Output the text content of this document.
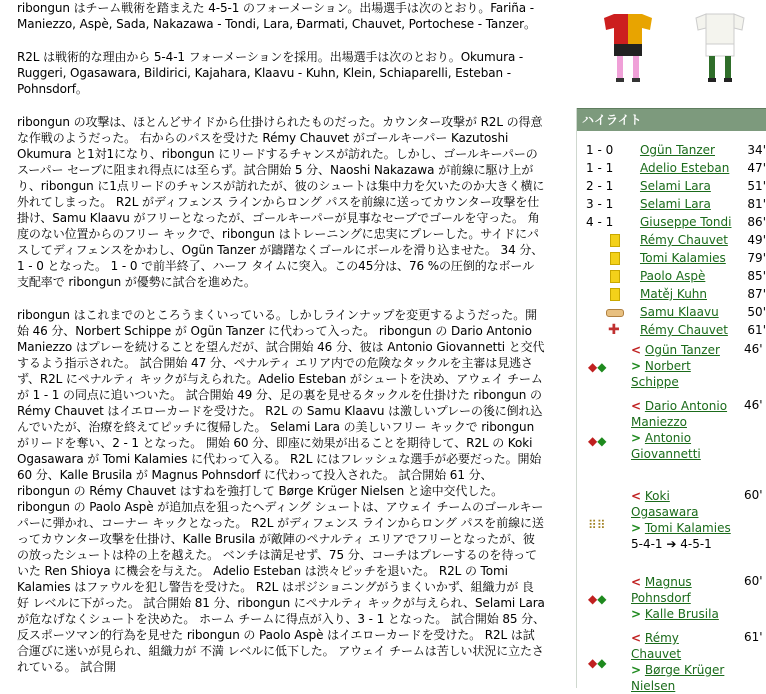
ribongun はチーム戦術を踏まえた 4-5-1 のフォーメーション。出場選手は次のとおり。Fariña - Maniezzo, Aspè, Sada, Nakazawa - Tondi, Lara, Đarmati, Chauvet, Portochese - Tanzer。

R2L は戦術的な理由から 5-4-1 フォーメーションを採用。出場選手は次のとおり。Okumura - Ruggeri, Ogasawara, Bildirici, Kajahara, Klaavu - Kuhn, Klein, Schiaparelli, Esteban - Pohnsdorf。

ribongun の攻撃は、ほとんどサイドから仕掛けられたものだった。カウンター攻撃が R2L の得意な作戦のようだった。 右からのパスを受けた Rémy Chauvet がゴールキーパー Kazutoshi Okumura と1対1になり、ribongun にリードするチャンスが訪れた。しかし、ゴールキーパーのスーパー セーブに阻まれ得点には至らず。試合開始 5 分、Naoshi Nakazawa が前線に駆け上がり、ribongun に1点リードのチャンスが訪れたが、彼のシュートは集中力を欠いたのか大きく横に外れてしまった。 R2L がディフェンス ラインからロング パスを前線に送ってカウンター攻撃を仕掛け、Samu Klaavu がフリーとなったが、ゴールキーパーが見事なセーブでゴールを守った。 角度のない位置からのフリー キックで、ribongun はトレーニングに忠実にプレーした。サイドにパスしてディフェンスをかわし、Ogün Tanzer が躊躇なくゴールにボールを滑り込ませた。 34 分、1 - 0 となった。 1 - 0 で前半終了、ハーフ タイムに突入。この45分は、76 %の圧倒的なボール支配率で ribongun が優勢に試合を進めた。

ribongun はこれまでのところうまくいっている。しかしラインナップを変更するようだった。開始 46 分、Norbert Schippe が Ogün Tanzer に代わって入った。 ribongun の Dario Antonio Maniezzo はプレーを続けることを望んだが、試合開始 46 分、彼は Antonio Giovannetti と交代するよう指示された。 試合開始 47 分、ペナルティ エリア内での危険なタックルを主審は見逃さず、R2L にペナルティ キックが与えられた。Adelio Esteban がシュートを決め、アウェイ チームが 1 - 1 の同点に追いついた。 試合開始 49 分、足の裏を見せるタックルを仕掛けた ribongun の Rémy Chauvet はイエローカードを受けた。 R2L の Samu Klaavu は激しいプレーの後に倒れ込んでいたが、治療を終えてピッチに復帰した。 Selami Lara の美しいフリー キックで ribongun がリードを奪い、2 - 1 となった。 開始 60 分、即座に効果が出ることを期待して、R2L の Koki Ogasawara が Tomi Kalamies に代わって入る。 R2L にはフレッシュな選手が必要だった。開始 60 分、Kalle Brusila が Magnus Pohnsdorf に代わって投入された。 試合開始 61 分、ribongun の Rémy Chauvet はすねを強打して Børge Krüger Nielsen と途中交代した。 ribongun の Paolo Aspè が追加点を狙ったヘディング シュートは、アウェイ チームのゴールキーパーに弾かれ、コーナー キックとなった。 R2L がディフェンス ラインからロング パスを前線に送ってカウンター攻撃を仕掛け、Kalle Brusila が敵陣のペナルティ エリアでフリーとなったが、彼の放ったシュートは枠の上を越えた。 ベンチは満足せず、75 分、コーチはプレーするのを待っていた Ren Shioya に機会を与えた。 Adelio Esteban は渋々ピッチを退いた。 R2L の Tomi Kalamies はファウルを犯し警告を受けた。 R2L はポジショニングがうまくいかず、組織力が 良好 レベルに下がった。 試合開始 81 分、ribongun にペナルティ キックが与えられ、Selami Lara が危なげなくシュートを決めた。 ホーム チームに得点が入り、3 - 1 となった。 試合開始 85 分、反スポーツマン的行為を見せた ribongun の Paolo Aspè はイエローカードを受けた。 R2L は試合運びに迷いが見られ、組織力が 不満 レベルに低下した。 アウェイ チームは苦しい状況に立たされている。 試合開

ハイライト
1 - 0	Ogün Tanzer	34'
1 - 1	Adelio Esteban	47'
2 - 1	Selami Lara	51'
3 - 1	Selami Lara	81'
4 - 1	Giuseppe Tondi	86'
	Rémy Chauvet	49'
	Tomi Kalamies	79'
	Paolo Aspè	85'
	Matěj Kuhn	87'
	Samu Klaavu	50'
✚	Rémy Chauvet	61'
◆◆
< Ogün Tanzer
> Norbert Schippe
46'
◆◆
< Dario Antonio Maniezzo
> Antonio Giovannetti
46'
⠿⠿
< Koki Ogasawara
> Tomi Kalamies
5-4-1 ➔ 4-5-1
60'
◆◆
< Magnus Pohnsdorf
> Kalle Brusila
60'
◆◆
< Rémy Chauvet
> Børge Krüger Nielsen
61'
